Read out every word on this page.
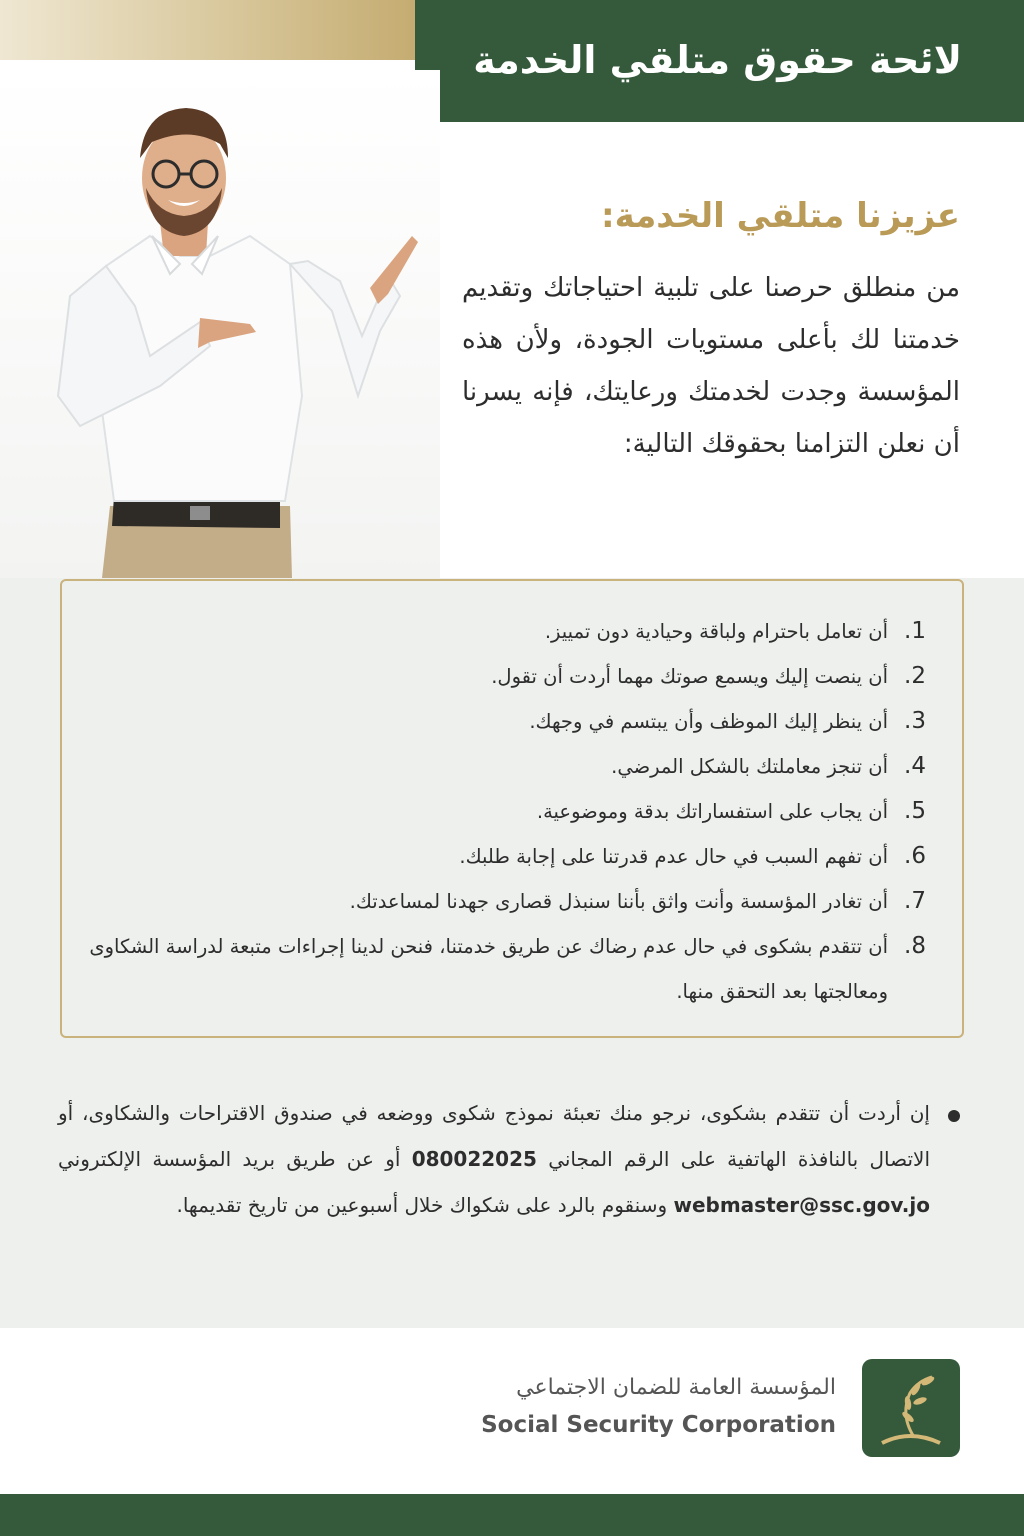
لائحة حقوق متلقي الخدمة
عزيزنا متلقي الخدمة:

من منطلق حرصنا على تلبية احتياجاتك وتقديم خدمتنا لك بأعلى مستويات الجودة، ولأن هذه المؤسسة وجدت لخدمتك ورعايتك، فإنه يسرنا أن نعلن التزامنا بحقوقك التالية:

1.
أن تعامل باحترام ولباقة وحيادية دون تمييز.
2.
أن ينصت إليك ويسمع صوتك مهما أردت أن تقول.
3.
أن ينظر إليك الموظف وأن يبتسم في وجهك.
4.
أن تنجز معاملتك بالشكل المرضي.
5.
أن يجاب على استفساراتك بدقة وموضوعية.
6.
أن تفهم السبب في حال عدم قدرتنا على إجابة طلبك.
7.
أن تغادر المؤسسة وأنت واثق بأننا سنبذل قصارى جهدنا لمساعدتك.
8.
أن تتقدم بشكوى في حال عدم رضاك عن طريق خدمتنا، فنحن لدينا إجراءات متبعة لدراسة الشكاوى ومعالجتها بعد التحقق منها.

إن أردت أن تتقدم بشكوى، نرجو منك تعبئة نموذج شكوى ووضعه في صندوق الاقتراحات والشكاوى، أو الاتصال بالنافذة الهاتفية على الرقم المجاني 080022025 أو عن طريق بريد المؤسسة الإلكتروني webmaster@ssc.gov.jo وسنقوم بالرد على شكواك خلال أسبوعين من تاريخ تقديمها.

المؤسسة العامة للضمان الاجتماعي
Social Security Corporation
